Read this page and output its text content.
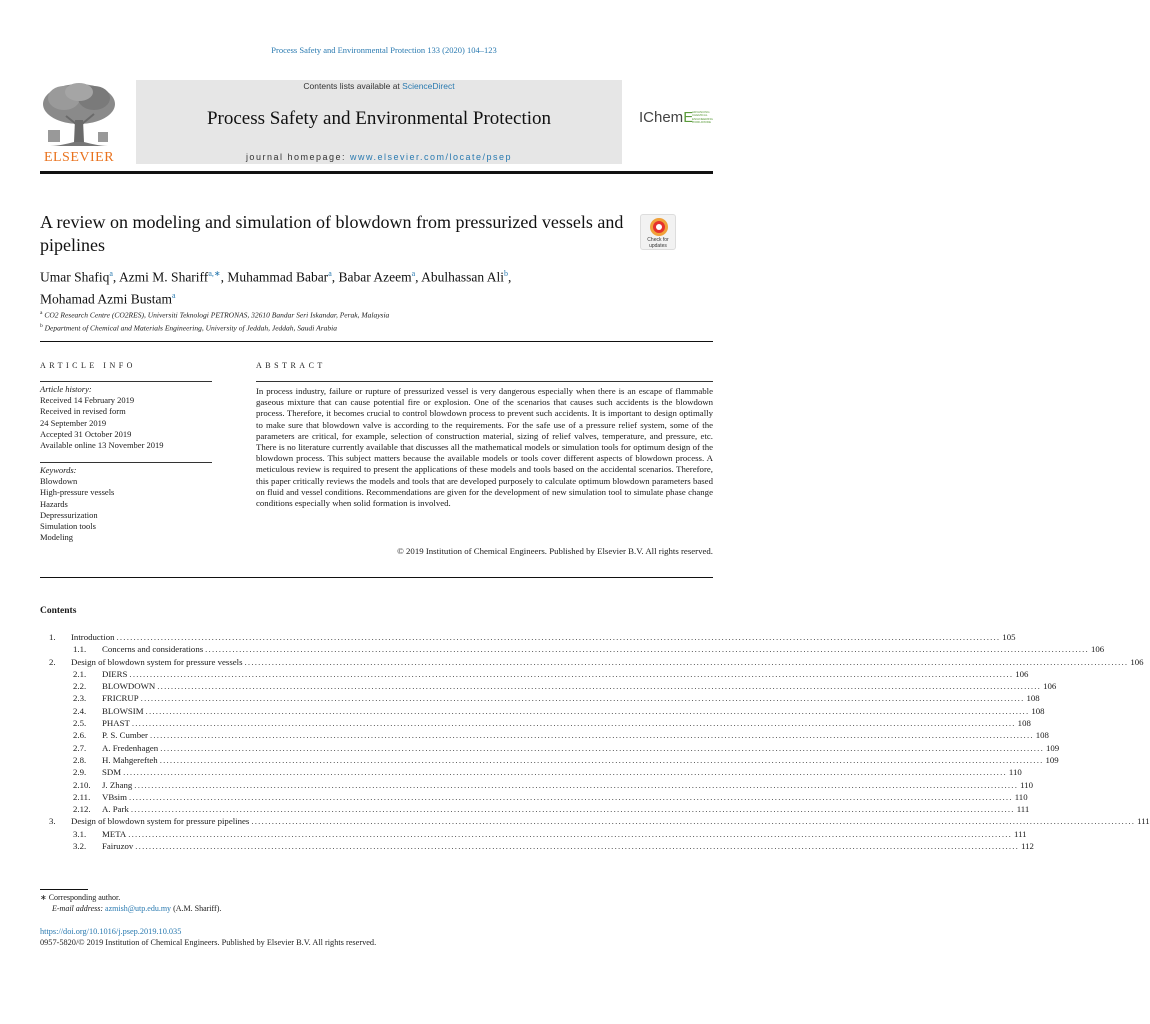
Process Safety and Environmental Protection 133 (2020) 104–123
ELSEVIER
Contents lists available at ScienceDirect
Process Safety and Environmental Protection
journal homepage: www.elsevier.com/locate/psep
IChemE
ADVANCING CHEMICAL ENGINEERING WORLDWIDE
A review on modeling and simulation of blowdown from pressurized vessels and pipelines	Check for updates
Umar Shafiq$^a$, Azmi M. Shariff$^{a,∗}$, Muhammad Babar$^a$, Babar Azeem$^a$, Abulhassan Ali$^b$,
Mohamad Azmi Bustam$^a$
$^a$ CO2 Research Centre (CO2RES), Universiti Teknologi PETRONAS, 32610 Bandar Seri Iskandar, Perak, Malaysia
$^b$ Department of Chemical and Materials Engineering, University of Jeddah, Jeddah, Saudi Arabia
ARTICLE INFO	ABSTRACT
Article history:
Received 14 February 2019
Received in revised form
24 September 2019
Accepted 31 October 2019
Available online 13 November 2019
Keywords:
Blowdown
High-pressure vessels
Hazards
Depressurization
Simulation tools
Modeling

In process industry, failure or rupture of pressurized vessel is very dangerous especially when there is an escape of flammable gaseous mixture that can cause potential fire or explosion. One of the scenarios that causes such accidents is the blowdown process. Therefore, it becomes crucial to control blowdown process to prevent such accidents. It is important to design optimally to make sure that blowdown valve is according to the requirements. For the safe use of a pressure relief system, some of the parameters are critical, for example, selection of construction material, sizing of relief valves, temperature, and pressure, etc. There is no literature currently available that discusses all the mathematical models or simulation tools for optimum design of the blowdown process. This subject matters because the available models or tools cover different aspects of blowdown process. A meticulous review is required to present the applications of these models and tools based on the accidental scenarios. Therefore, this paper critically reviews the models and tools that are developed purposely to calculate optimum blowdown parameters based on fluid and vessel conditions. Recommendations are given for the development of new simulation tool to simulate phase change conditions especially when solid formation is involved.

© 2019 Institution of Chemical Engineers. Published by Elsevier B.V. All rights reserved.
Contents
1.	Introduction .................................................................................................................................................................................................................................................................... 105
1.1.	Concerns and considerations .................................................................................................................................................................................................................................................................... 106
2.	Design of blowdown system for pressure vessels .................................................................................................................................................................................................................................................................... 106
2.1.	DIERS .................................................................................................................................................................................................................................................................... 106
2.2.	BLOWDOWN .................................................................................................................................................................................................................................................................... 106
2.3.	FRICRUP .................................................................................................................................................................................................................................................................... 108
2.4.	BLOWSIM .................................................................................................................................................................................................................................................................... 108
2.5.	PHAST .................................................................................................................................................................................................................................................................... 108
2.6.	P. S. Cumber .................................................................................................................................................................................................................................................................... 108
2.7.	A. Fredenhagen .................................................................................................................................................................................................................................................................... 109
2.8.	H. Mahgerefteh .................................................................................................................................................................................................................................................................... 109
2.9.	SDM .................................................................................................................................................................................................................................................................... 110
2.10.	J. Zhang .................................................................................................................................................................................................................................................................... 110
2.11.	VBsim .................................................................................................................................................................................................................................................................... 110
2.12.	A. Park .................................................................................................................................................................................................................................................................... 111
3.	Design of blowdown system for pressure pipelines .................................................................................................................................................................................................................................................................... 111
3.1.	META .................................................................................................................................................................................................................................................................... 111
3.2.	Fairuzov .................................................................................................................................................................................................................................................................... 112
∗ Corresponding author.
E-mail address: azmish@utp.edu.my (A.M. Shariff).
https://doi.org/10.1016/j.psep.2019.10.035
0957-5820/© 2019 Institution of Chemical Engineers. Published by Elsevier B.V. All rights reserved.
